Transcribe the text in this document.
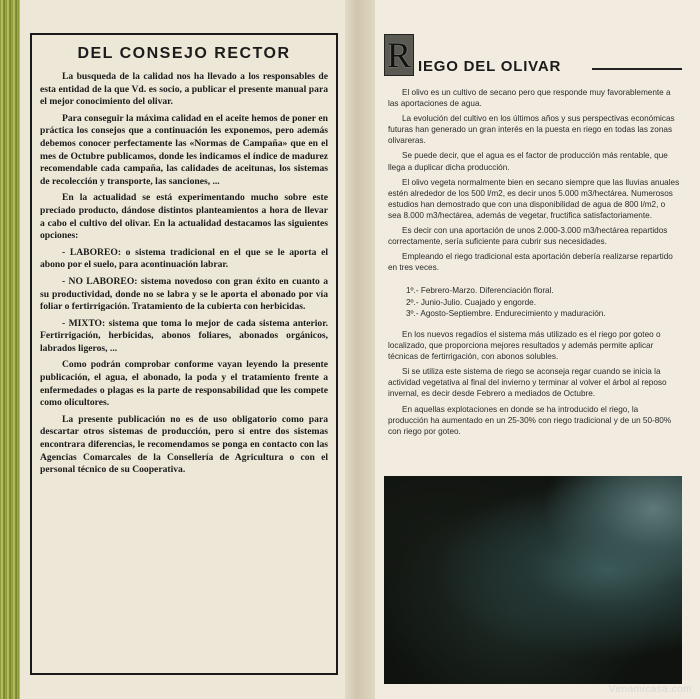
DEL CONSEJO RECTOR

La busqueda de la calidad nos ha llevado a los responsables de esta entidad de la que Vd. es socio, a publicar el presente manual para el mejor conocimiento del olivar.

Para conseguir la máxima calidad en el aceite hemos de poner en práctica los consejos que a continuación les exponemos, pero además debemos conocer perfectamente las «Normas de Campaña» que en el mes de Octubre publicamos, donde les indicamos el índice de madurez recomendable cada campaña, las calidades de aceitunas, los sistemas de recolección y transporte, las sanciones, ...

En la actualidad se está experimentando mucho sobre este preciado producto, dándose distintos planteamientos a hora de llevar a cabo el cultivo del olivar. En la actualidad destacamos las siguientes opciones:

- LABOREO: o sistema tradicional en el que se le aporta el abono por el suelo, para acontinuación labrar.

- NO LABOREO: sistema novedoso con gran éxito en cuanto a su productividad, donde no se labra y se le aporta el abonado por vía foliar o fertirrigación. Tratamiento de la cubierta con herbicidas.

- MIXTO: sistema que toma lo mejor de cada sistema anterior. Fertirrigación, herbicidas, abonos foliares, abonados orgánicos, labrados ligeros, ...

Como podrán comprobar conforme vayan leyendo la presente publicación, el agua, el abonado, la poda y el tratamiento frente a enfermedades o plagas es la parte de responsabilidad que les compete como olicultores.

La presente publicación no es de uso obligatorio como para descartar otros sistemas de producción, pero si entre dos sistemas encontrara diferencias, le recomendamos se ponga en contacto con las Agencias Comarcales de la Consellería de Agricultura o con el personal técnico de su Cooperativa.

R IEGO DEL OLIVAR

El olivo es un cultivo de secano pero que responde muy favorablemente a las aportaciones de agua.

La evolución del cultivo en los últimos años y sus perspectivas económicas futuras han generado un gran interés en la puesta en riego en todas las zonas olivareras.

Se puede decir, que el agua es el factor de producción más rentable, que llega a duplicar dicha producción.

El olivo vegeta normalmente bien en secano siempre que las lluvias anuales estén alrededor de los 500 l/m2, es decir unos 5.000 m3/hectárea. Numerosos estudios han demostrado que con una disponibilidad de agua de 800 l/m2, o sea 8.000 m3/hectárea, además de vegetar, fructifica satisfactoriamente.

Es decir con una aportación de unos 2.000-3.000 m3/hectárea repartidos correctamente, sería suficiente para cubrir sus necesidades.

Empleando el riego tradicional esta aportación debería realizarse repartido en tres veces.

1º.- Febrero-Marzo. Diferenciación floral.
2º.- Junio-Julio. Cuajado y engorde.
3º.- Agosto-Septiembre. Endurecimiento y maduración.

En los nuevos regadíos el sistema más utilizado es el riego por goteo o localizado, que proporciona mejores resultados y además permite aplicar técnicas de fertirrigación, con abonos solubles.

Si se utiliza este sistema de riego se aconseja regar cuando se inicia la actividad vegetativa al final del invierno y terminar al volver el árbol al reposo invernal, es decir desde Febrero a mediados de Octubre.

En aquellas explotaciones en donde se ha introducido el riego, la producción ha aumentado en un 25-30% con riego tradicional y de un 50-80% con riego por goteo.

Venamicasa.com
